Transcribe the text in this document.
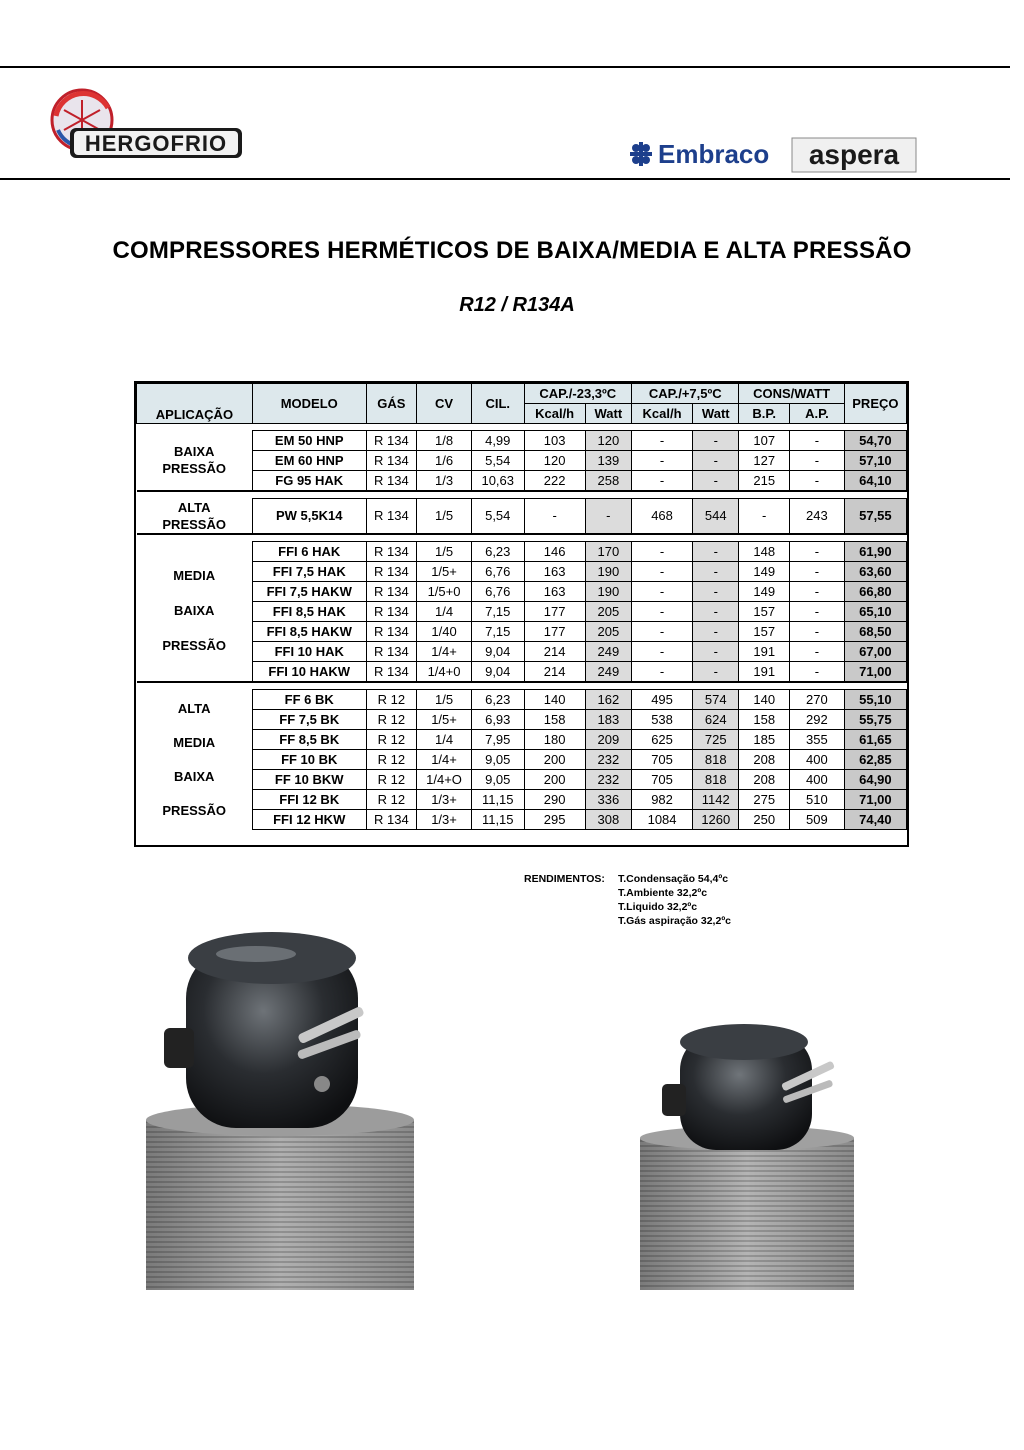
HERGOFRIO	Embraco aspera
COMPRESSORES HERMÉTICOS DE BAIXA/MEDIA E ALTA PRESSÃO
R12 / R134A
APLICAÇÃO	MODELO	GÁS	CV	CIL.	CAP./-23,3ºC		CAP./+7,5ºC		CONS/WATT		PREÇO
					Kcal/h	Watt	Kcal/h	Watt	B.P.	A.P.	

BAIXA
PRESSÃO	EM 50 HNP	R 134	1/8	4,99	103	120	-	-	107	-	54,70
	EM 60 HNP	R 134	1/6	5,54	120	139	-	-	127	-	57,10
	FG 95 HAK	R 134	1/3	10,63	222	258	-	-	215	-	64,10

ALTA
PRESSÃO	PW 5,5K14	R 134	1/5	5,54	-	-	468	544	-	243	57,55

MEDIA
BAIXA
PRESSÃO	FFI 6 HAK	R 134	1/5	6,23	146	170	-	-	148	-	61,90
	FFI 7,5 HAK	R 134	1/5+	6,76	163	190	-	-	149	-	63,60
	FFI 7,5 HAKW	R 134	1/5+0	6,76	163	190	-	-	149	-	66,80
	FFI 8,5 HAK	R 134	1/4	7,15	177	205	-	-	157	-	65,10
	FFI 8,5 HAKW	R 134	1/40	7,15	177	205	-	-	157	-	68,50
	FFI 10 HAK	R 134	1/4+	9,04	214	249	-	-	191	-	67,00
	FFI 10 HAKW	R 134	1/4+0	9,04	214	249	-	-	191	-	71,00

ALTA
MEDIA
BAIXA
PRESSÃO	FF 6 BK	R 12	1/5	6,23	140	162	495	574	140	270	55,10
	FF 7,5 BK	R 12	1/5+	6,93	158	183	538	624	158	292	55,75
	FF 8,5 BK	R 12	1/4	7,95	180	209	625	725	185	355	61,65
	FF 10 BK	R 12	1/4+	9,05	200	232	705	818	208	400	62,85
	FF 10 BKW	R 12	1/4+O	9,05	200	232	705	818	208	400	64,90
	FFI 12 BK	R 12	1/3+	11,15	290	336	982	1142	275	510	71,00
	FFI 12 HKW	R 134	1/3+	11,15	295	308	1084	1260	250	509	74,40
RENDIMENTOS:	T.Condensação 54,4ºc
T.Ambiente 32,2ºc
T.Liquido 32,2ºc
T.Gás aspiração 32,2ºc
